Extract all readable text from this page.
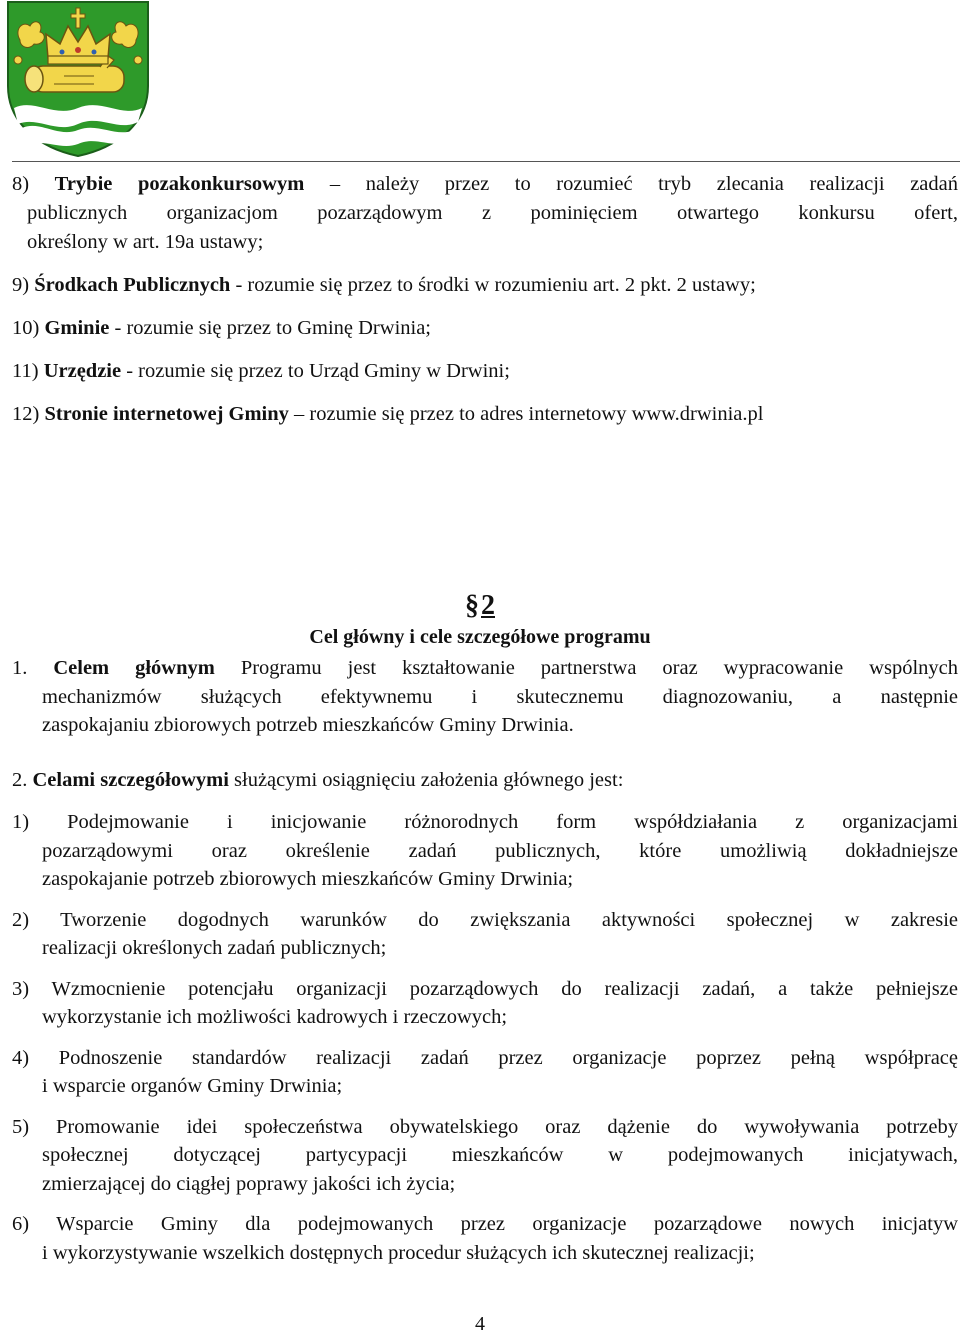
8) Trybie pozakonkursowym – należy przez to rozumieć tryb zlecania realizacji zadań

publicznych organizacjom pozarządowym z pominięciem otwartego konkursu ofert,

określony w art. 19a ustawy;

9) Środkach Publicznych - rozumie się przez to środki w rozumieniu art. 2 pkt. 2 ustawy;

10) Gminie - rozumie się przez to Gminę Drwinia;

11) Urzędzie - rozumie się przez to Urząd Gminy w Drwini;

12) Stronie internetowej Gminy – rozumie się przez to adres internetowy www.drwinia.pl

§2
Cel główny i cele szczegółowe programu
1. Celem głównym Programu jest kształtowanie partnerstwa oraz wypracowanie wspólnych
mechanizmów służących efektywnemu i skutecznemu diagnozowaniu, a następnie
zaspokajaniu zbiorowych potrzeb mieszkańców Gminy Drwinia.
2. Celami szczegółowymi służącymi osiągnięciu założenia głównego jest:
1) Podejmowanie i inicjowanie różnorodnych form współdziałania z organizacjami
pozarządowymi oraz określenie zadań publicznych, które umożliwią dokładniejsze
zaspokajanie potrzeb zbiorowych mieszkańców Gminy Drwinia;
2) Tworzenie dogodnych warunków do zwiększania aktywności społecznej w zakresie
realizacji określonych zadań publicznych;
3) Wzmocnienie potencjału organizacji pozarządowych do realizacji zadań, a także pełniejsze
wykorzystanie ich możliwości kadrowych i rzeczowych;
4) Podnoszenie standardów realizacji zadań przez organizacje poprzez pełną współpracę
i wsparcie organów Gminy Drwinia;
5) Promowanie idei społeczeństwa obywatelskiego oraz dążenie do wywoływania potrzeby
społecznej dotyczącej partycypacji mieszkańców w podejmowanych inicjatywach,
zmierzającej do ciągłej poprawy jakości ich życia;
6) Wsparcie Gminy dla podejmowanych przez organizacje pozarządowe nowych inicjatyw
i wykorzystywanie wszelkich dostępnych procedur służących ich skutecznej realizacji;
4
